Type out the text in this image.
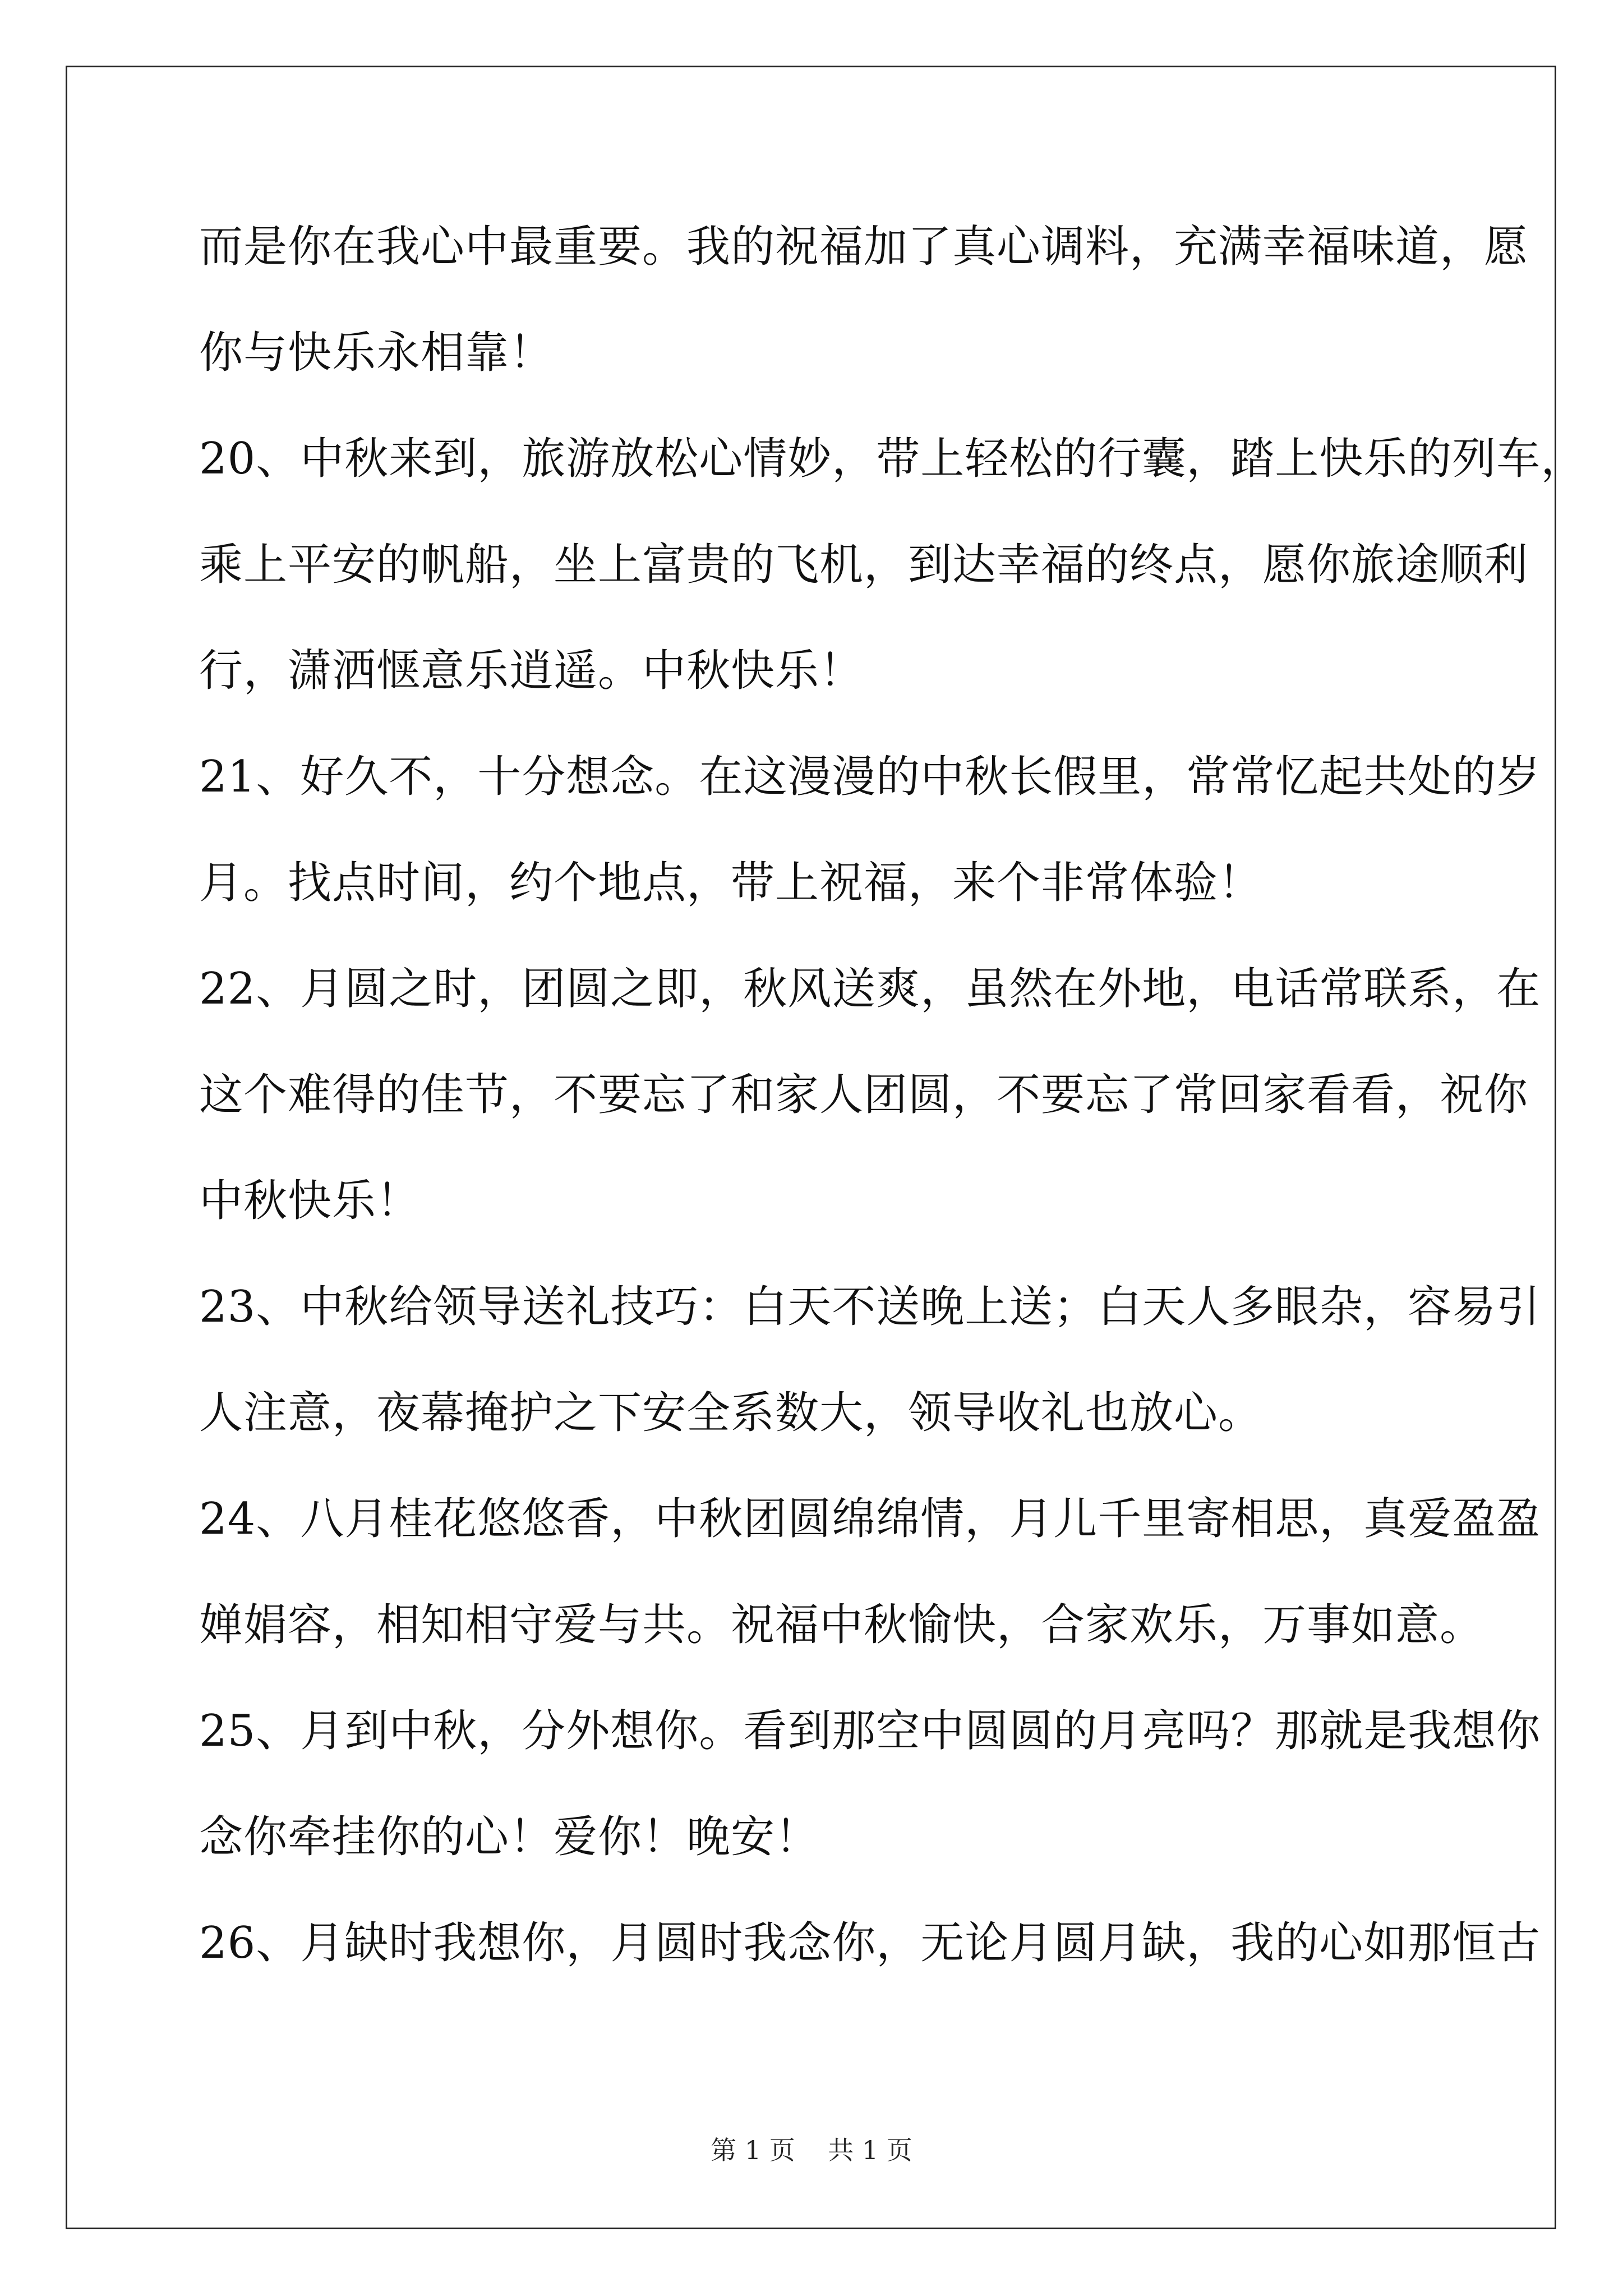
而是你在我心中最重要。我的祝福加了真心调料，充满幸福味道，愿
你与快乐永相靠！
20、中秋来到，旅游放松心情妙，带上轻松的行囊，踏上快乐的列车，
乘上平安的帆船，坐上富贵的飞机，到达幸福的终点，愿你旅途顺利
行，潇洒惬意乐逍遥。中秋快乐！
21、好久不，十分想念。在这漫漫的中秋长假里，常常忆起共处的岁
月。找点时间，约个地点，带上祝福，来个非常体验！
22、月圆之时，团圆之即，秋风送爽，虽然在外地，电话常联系，在
这个难得的佳节，不要忘了和家人团圆，不要忘了常回家看看，祝你
中秋快乐！
23、中秋给领导送礼技巧：白天不送晚上送；白天人多眼杂，容易引
人注意，夜幕掩护之下安全系数大，领导收礼也放心。
24、八月桂花悠悠香，中秋团圆绵绵情，月儿千里寄相思，真爱盈盈
婵娟容，相知相守爱与共。祝福中秋愉快，合家欢乐，万事如意。
25、月到中秋，分外想你。看到那空中圆圆的月亮吗？那就是我想你
念你牵挂你的心！爱你！晚安！
26、月缺时我想你，月圆时我念你，无论月圆月缺，我的心如那恒古
第 1 页    共 1 页
